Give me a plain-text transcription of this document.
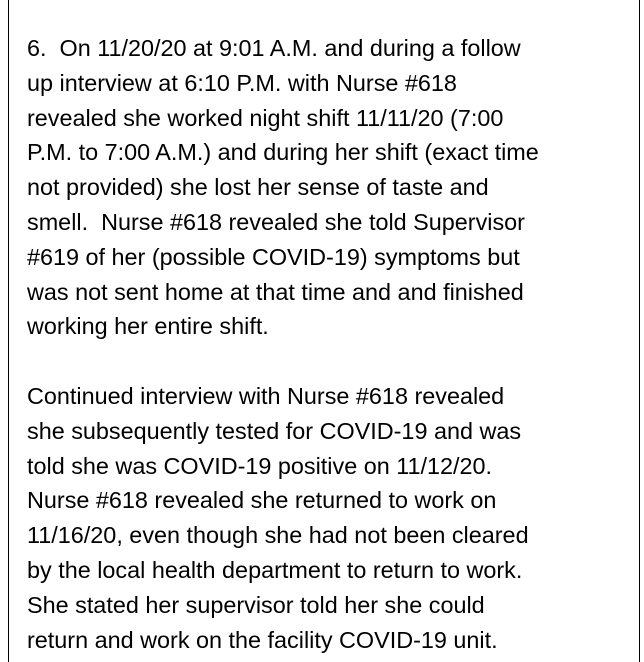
6.  On 11/20/20 at 9:01 A.M. and during a follow
up interview at 6:10 P.M. with Nurse #618
revealed she worked night shift 11/11/20 (7:00
P.M. to 7:00 A.M.) and during her shift (exact time
not provided) she lost her sense of taste and
smell.  Nurse #618 revealed she told Supervisor
#619 of her (possible COVID-19) symptoms but
was not sent home at that time and and finished
working her entire shift.
Continued interview with Nurse #618 revealed
she subsequently tested for COVID-19 and was
told she was COVID-19 positive on 11/12/20.
Nurse #618 revealed she returned to work on
11/16/20, even though she had not been cleared
by the local health department to return to work.
She stated her supervisor told her she could
return and work on the facility COVID-19 unit.
